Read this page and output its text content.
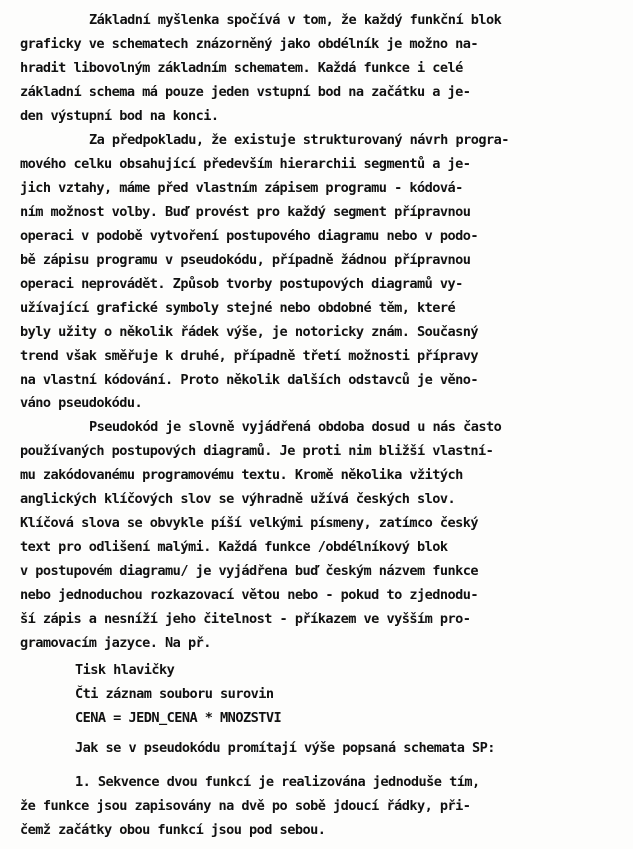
Základní myšlenka spočívá v tom, že každý funkční blok
graficky ve schematech znázorněný jako obdélník je možno na-
hradit libovolným základním schematem. Každá funkce i celé
základní schema má pouze jeden vstupní bod na začátku a je-
den výstupní bod na konci.
Za předpokladu, že existuje strukturovaný návrh progra-
mového celku obsahující především hierarchii segmentů a je-
jich vztahy, máme před vlastním zápisem programu - kódová-
ním možnost volby. Buď provést pro každý segment přípravnou
operaci v podobě vytvoření postupového diagramu nebo v podo-
bě zápisu programu v pseudokódu, případně žádnou přípravnou
operaci neprovádět. Způsob tvorby postupových diagramů vy-
užívající grafické symboly stejné nebo obdobné těm, které
byly užity o několik řádek výše, je notoricky znám. Současný
trend však směřuje k druhé, případně třetí možnosti přípravy
na vlastní kódování. Proto několik dalších odstavců je věno-
váno pseudokódu.
Pseudokód je slovně vyjádřená obdoba dosud u nás často
používaných postupových diagramů. Je proti nim bližší vlastní-
mu zakódovanému programovému textu. Kromě několika vžitých
anglických klíčových slov se výhradně užívá českých slov.
Klíčová slova se obvykle píší velkými písmeny, zatímco český
text pro odlišení malými. Každá funkce /obdélníkový blok
v postupovém diagramu/ je vyjádřena buď českým názvem funkce
nebo jednoduchou rozkazovací větou nebo - pokud to zjednodu-
ší zápis a nesníží jeho čitelnost - příkazem ve vyšším pro-
gramovacím jazyce. Na př.
Tisk hlavičky
Čti záznam souboru surovin
CENA = JEDN_CENA * MNOZSTVI
Jak se v pseudokódu promítají výše popsaná schemata SP:
1. Sekvence dvou funkcí je realizována jednoduše tím,
že funkce jsou zapisovány na dvě po sobě jdoucí řádky, při-
čemž začátky obou funkcí jsou pod sebou.
